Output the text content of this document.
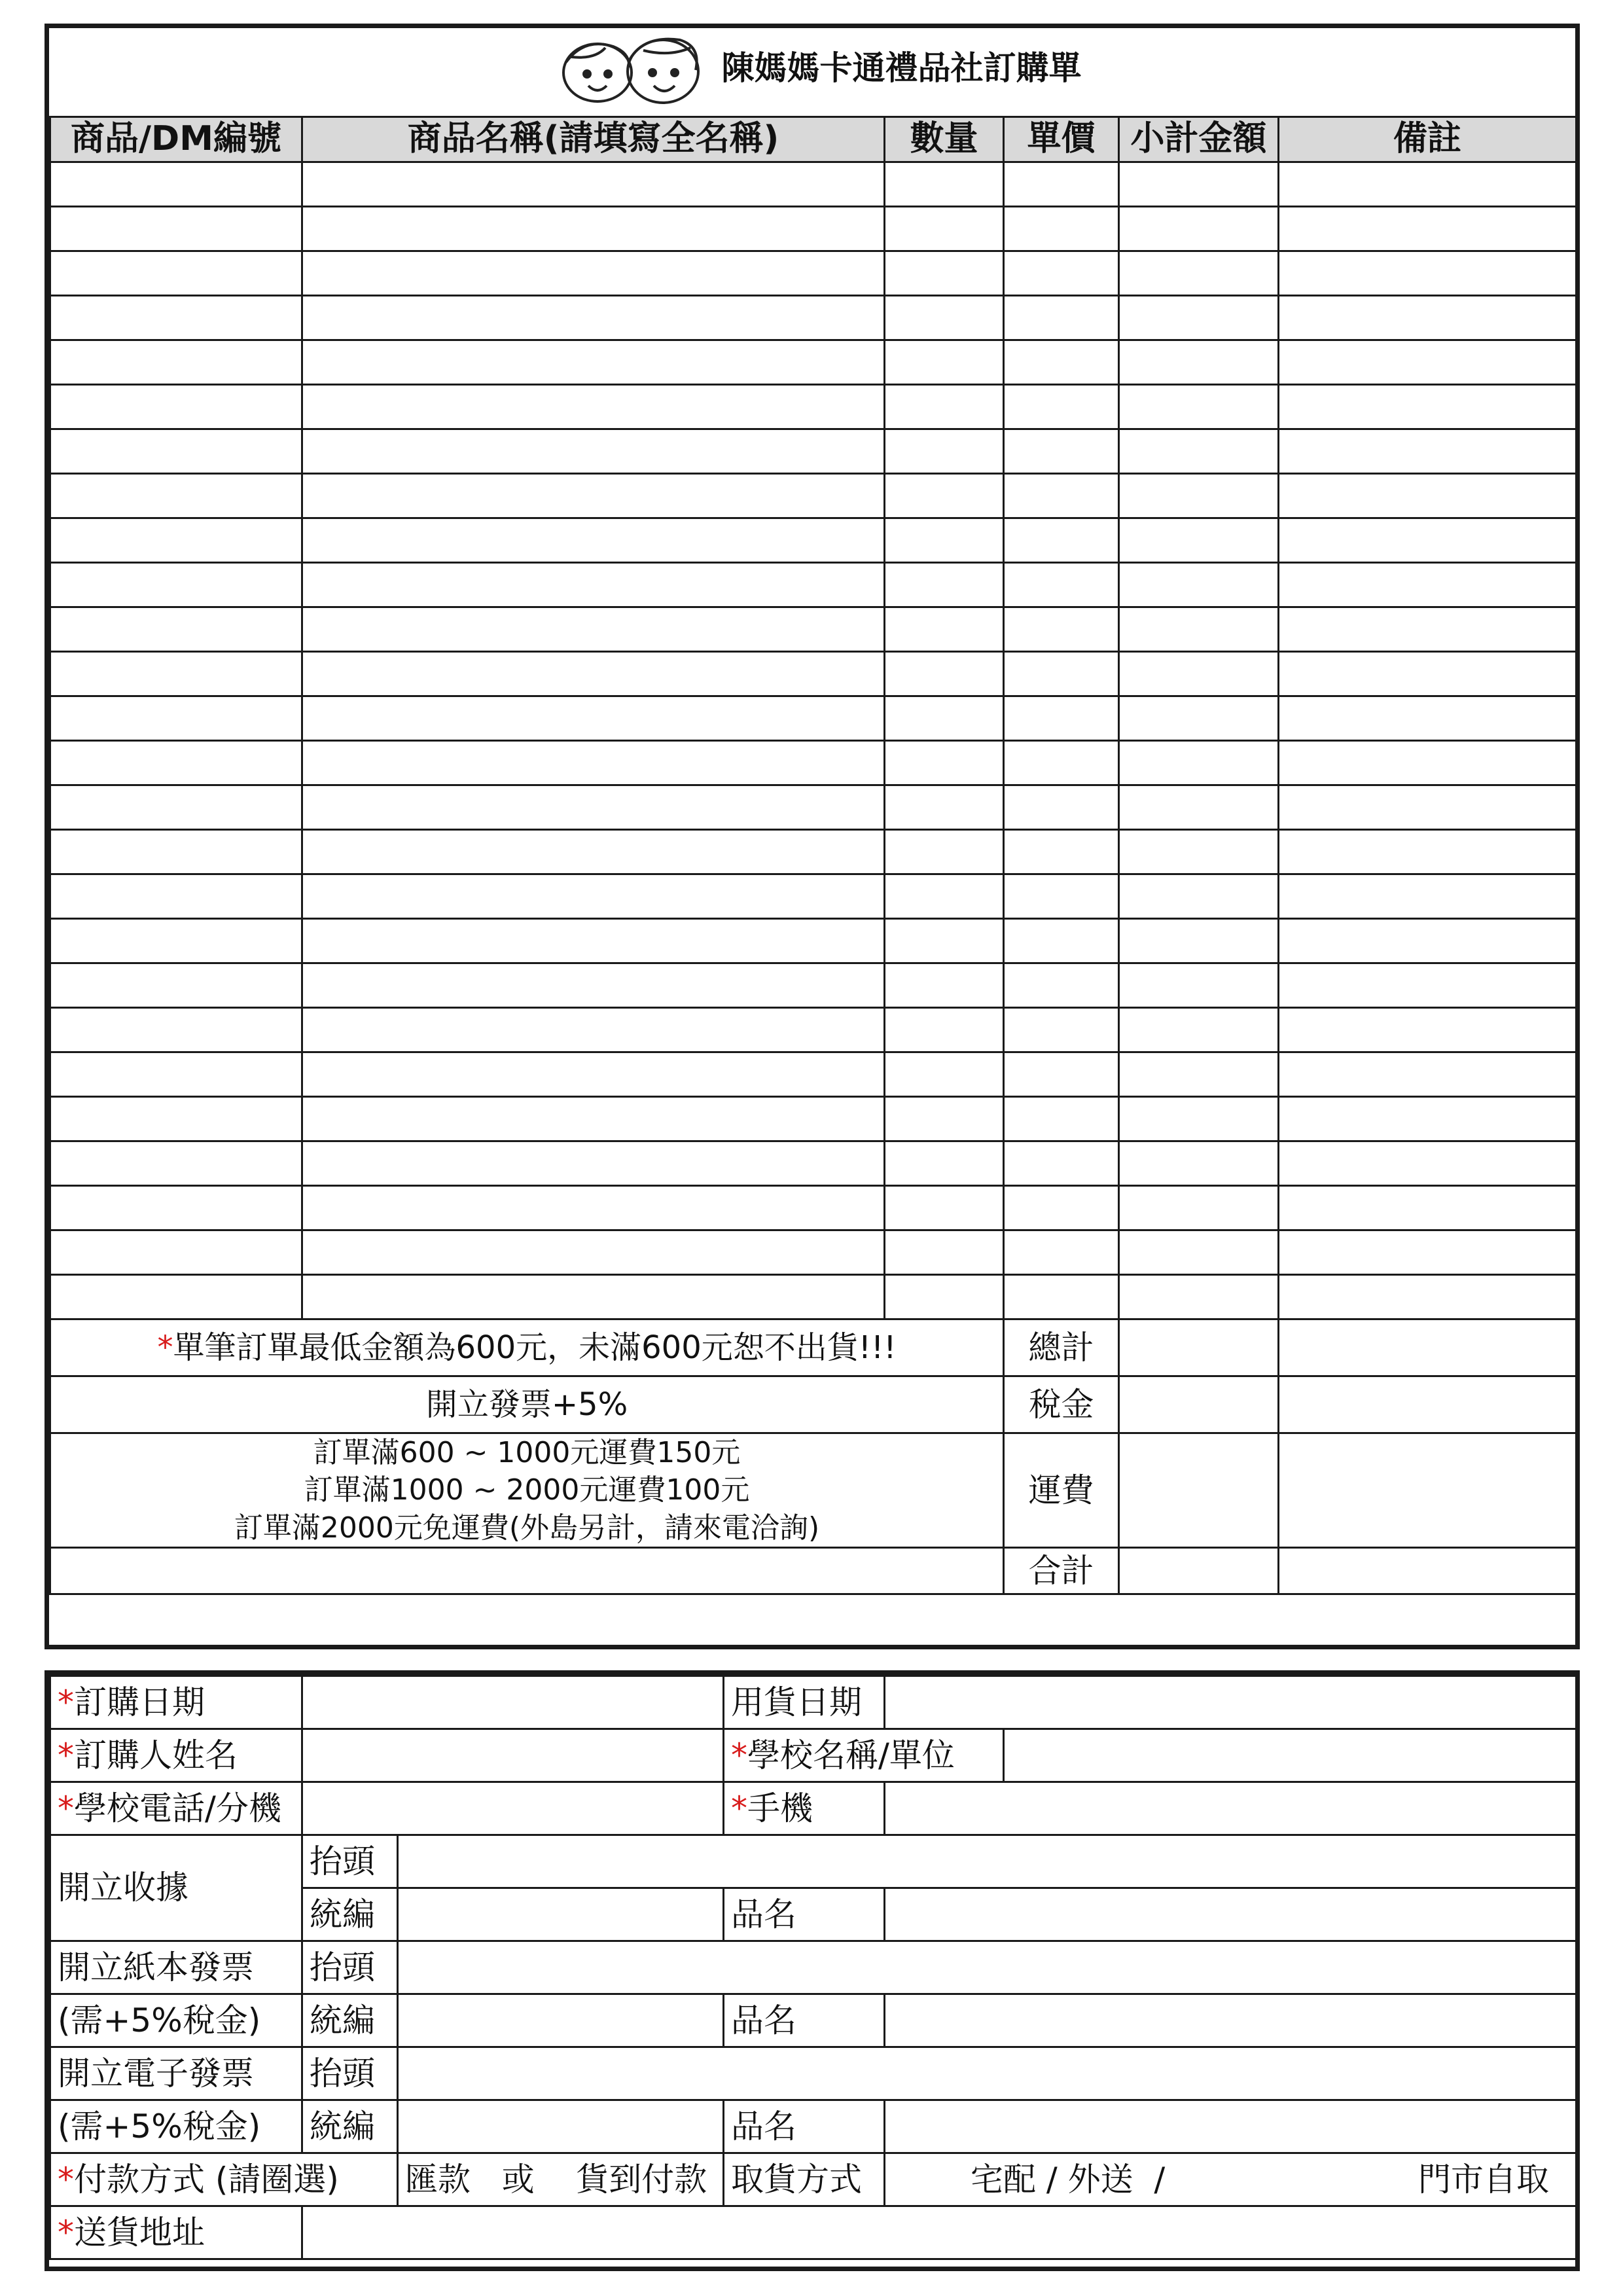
陳媽媽卡通禮品社訂購單					

商品/DM編號	商品名稱(請填寫全名稱)	數量	單價	小計金額	備註

*單筆訂單最低金額為600元，未滿600元恕不出貨!!!			總計		
開立發票+5%			稅金		

訂單滿600 ~ 1000元運費150元
訂單滿1000 ~ 2000元運費100元
訂單滿2000元免運費(外島另計，請來電洽詢)			運費		
			合計		
*訂購日期			用貨日期		
*訂購人姓名			*學校名稱/單位		
*學校電話/分機			*手機		
開立收據	抬頭				
	統編		品名		
開立紙本發票	抬頭				
(需+5%稅金)	統編		品名		
開立電子發票	抬頭				
(需+5%稅金)	統編		品名		
*付款方式 (請圈選)		匯款   或    貨到付款	取貨方式	宅配 / 外送  / 門市自取	

*送貨地址					
